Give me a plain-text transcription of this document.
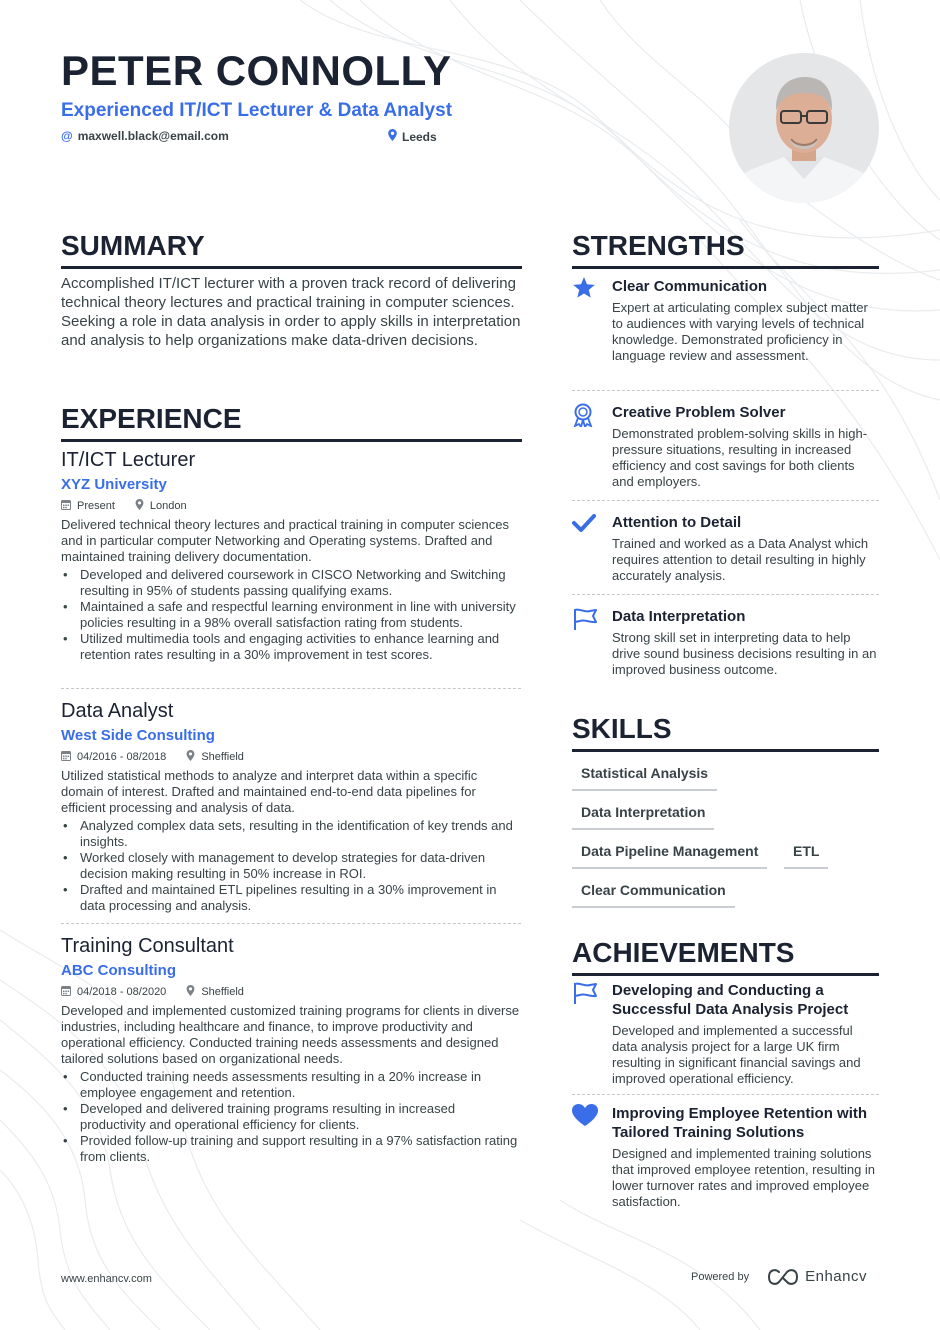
PETER CONNOLLY
Experienced IT/ICT Lecturer & Data Analyst
@ maxwell.black@email.com	Leeds
SUMMARY
Accomplished IT/ICT lecturer with a proven track record of delivering technical theory lectures and practical training in computer sciences. Seeking a role in data analysis in order to apply skills in interpretation and analysis to help organizations make data-driven decisions.
EXPERIENCE
IT/ICT Lecturer
XYZ University
Present	London
Delivered technical theory lectures and practical training in computer sciences and in particular computer Networking and Operating systems. Drafted and maintained training delivery documentation.
• Developed and delivered coursework in CISCO Networking and Switching resulting in 95% of students passing qualifying exams.
• Maintained a safe and respectful learning environment in line with university policies resulting in a 98% overall satisfaction rating from students.
• Utilized multimedia tools and engaging activities to enhance learning and retention rates resulting in a 30% improvement in test scores.
Data Analyst
West Side Consulting
04/2016 - 08/2018	Sheffield
Utilized statistical methods to analyze and interpret data within a specific domain of interest. Drafted and maintained end-to-end data pipelines for efficient processing and analysis of data.
• Analyzed complex data sets, resulting in the identification of key trends and insights.
• Worked closely with management to develop strategies for data-driven decision making resulting in 50% increase in ROI.
• Drafted and maintained ETL pipelines resulting in a 30% improvement in data processing and analysis.
Training Consultant
ABC Consulting
04/2018 - 08/2020	Sheffield
Developed and implemented customized training programs for clients in diverse industries, including healthcare and finance, to improve productivity and operational efficiency. Conducted training needs assessments and designed tailored solutions based on organizational needs.
• Conducted training needs assessments resulting in a 20% increase in employee engagement and retention.
• Developed and delivered training programs resulting in increased productivity and operational efficiency for clients.
• Provided follow-up training and support resulting in a 97% satisfaction rating from clients.
STRENGTHS
Clear Communication
Expert at articulating complex subject matter to audiences with varying levels of technical knowledge. Demonstrated proficiency in language review and assessment.
Creative Problem Solver
Demonstrated problem-solving skills in high-pressure situations, resulting in increased efficiency and cost savings for both clients and employers.
Attention to Detail
Trained and worked as a Data Analyst which requires attention to detail resulting in highly accurately analysis.
Data Interpretation
Strong skill set in interpreting data to help drive sound business decisions resulting in an improved business outcome.
SKILLS
Statistical Analysis
Data Interpretation
Data Pipeline Management	ETL
Clear Communication
ACHIEVEMENTS
Developing and Conducting a Successful Data Analysis Project
Developed and implemented a successful data analysis project for a large UK firm resulting in significant financial savings and improved operational efficiency.
Improving Employee Retention with Tailored Training Solutions
Designed and implemented training solutions that improved employee retention, resulting in lower turnover rates and improved employee satisfaction.
www.enhancv.com	Powered by	Enhancv
